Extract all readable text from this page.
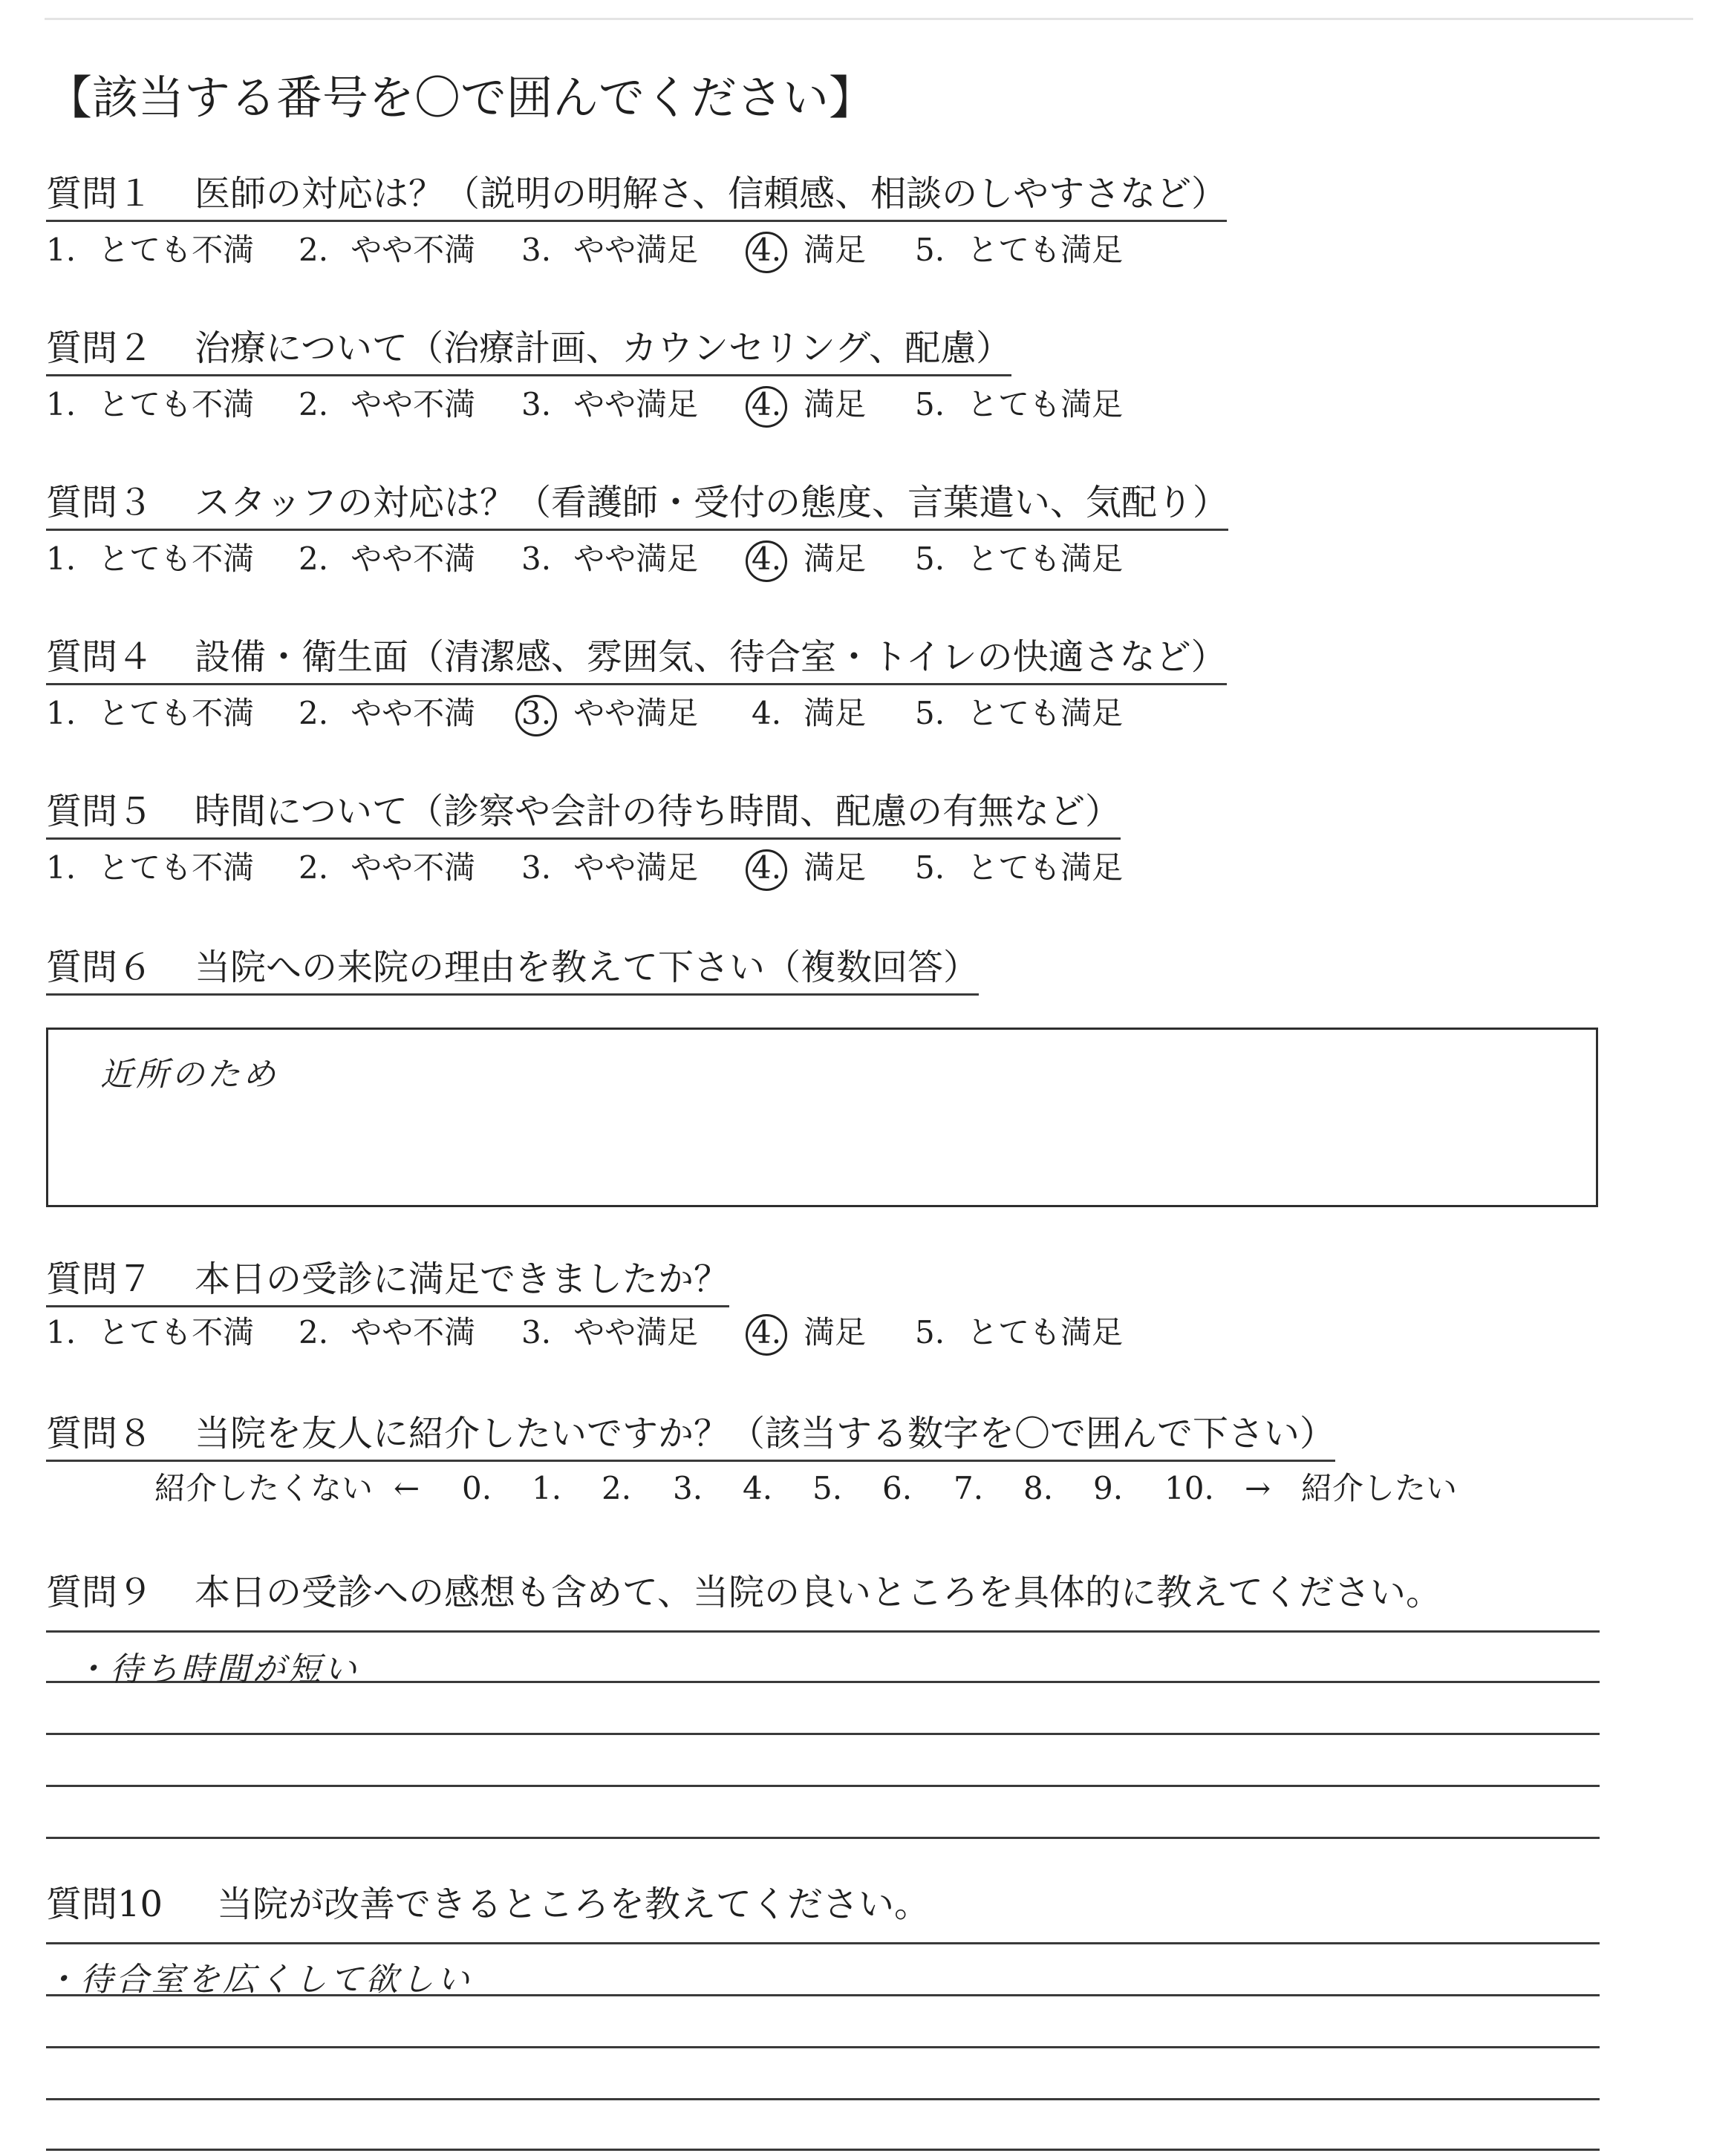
【該当する番号を〇で囲んでください】
質問１ 医師の対応は？（説明の明解さ、信頼感、相談のしやすさなど）
1. とても不満 2. やや不満 3. やや満足 4. 満足 5. とても満足
質問２ 治療について（治療計画、カウンセリング、配慮）
1. とても不満 2. やや不満 3. やや満足 4. 満足 5. とても満足
質問３ スタッフの対応は？（看護師・受付の態度、言葉遣い、気配り）
1. とても不満 2. やや不満 3. やや満足 4. 満足 5. とても満足
質問４ 設備・衛生面（清潔感、雰囲気、待合室・トイレの快適さなど）
1. とても不満 2. やや不満 3. やや満足 4. 満足 5. とても満足
質問５ 時間について（診察や会計の待ち時間、配慮の有無など）
1. とても不満 2. やや不満 3. やや満足 4. 満足 5. とても満足
質問６ 当院への来院の理由を教えて下さい（複数回答）
近所のため
質問７ 本日の受診に満足できましたか？
1. とても不満 2. やや不満 3. やや満足 4. 満足 5. とても満足
質問８ 当院を友人に紹介したいですか？（該当する数字を〇で囲んで下さい）
紹介したくない ← 0. 1. 2. 3. 4. 5. 6. 7. 8. 9. 10. → 紹介したい
質問９ 本日の受診への感想も含めて、当院の良いところを具体的に教えてください。
・待ち時間が短い
質問10 当院が改善できるところを教えてください。
・待合室を広くして欲しい
